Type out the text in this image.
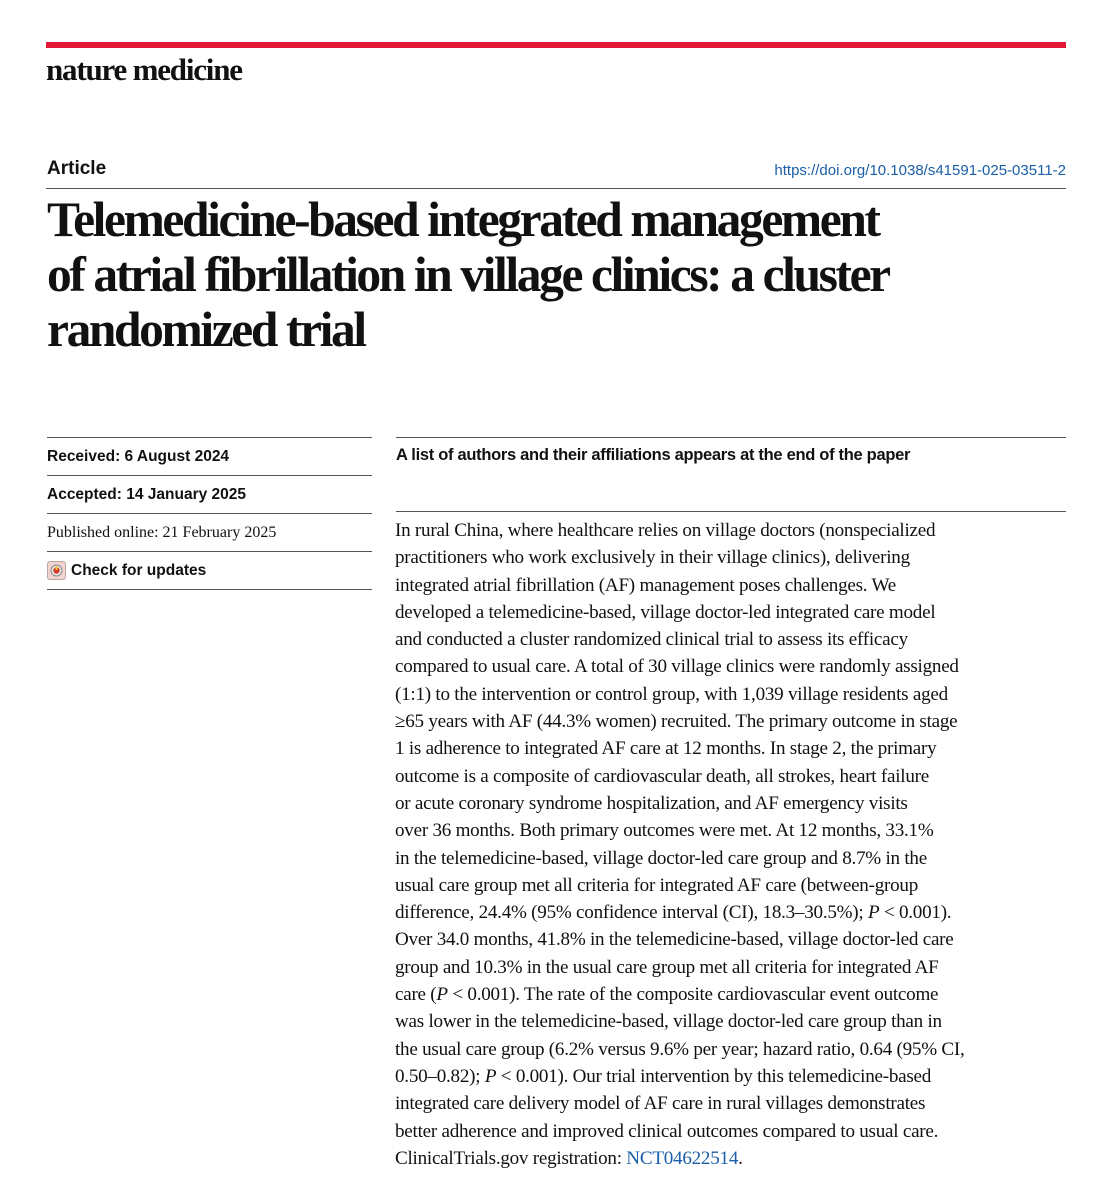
nature medicine
Article	https://doi.org/10.1038/s41591-025-03511-2
Telemedicine-based integrated management
of atrial fibrillation in village clinics: a cluster
randomized trial
Received: 6 August 2024
Accepted: 14 January 2025
Published online: 21 February 2025
Check for updates
A list of authors and their affiliations appears at the end of the paper

In rural China, where healthcare relies on village doctors (nonspecialized
practitioners who work exclusively in their village clinics), delivering
integrated atrial fibrillation (AF) management poses challenges. We
developed a telemedicine-based, village doctor-led integrated care model
and conducted a cluster randomized clinical trial to assess its efficacy
compared to usual care. A total of 30 village clinics were randomly assigned
(1:1) to the intervention or control group, with 1,039 village residents aged
≥65 years with AF (44.3% women) recruited. The primary outcome in stage
1 is adherence to integrated AF care at 12 months. In stage 2, the primary
outcome is a composite of cardiovascular death, all strokes, heart failure
or acute coronary syndrome hospitalization, and AF emergency visits
over 36 months. Both primary outcomes were met. At 12 months, 33.1%
in the telemedicine-based, village doctor-led care group and 8.7% in the
usual care group met all criteria for integrated AF care (between-group
difference, 24.4% (95% confidence interval (CI), 18.3–30.5%); P < 0.001).
Over 34.0 months, 41.8% in the telemedicine-based, village doctor-led care
group and 10.3% in the usual care group met all criteria for integrated AF
care (P < 0.001). The rate of the composite cardiovascular event outcome
was lower in the telemedicine-based, village doctor-led care group than in
the usual care group (6.2% versus 9.6% per year; hazard ratio, 0.64 (95% CI,
0.50–0.82); P < 0.001). Our trial intervention by this telemedicine-based
integrated care delivery model of AF care in rural villages demonstrates
better adherence and improved clinical outcomes compared to usual care.
ClinicalTrials.gov registration: NCT04622514.
